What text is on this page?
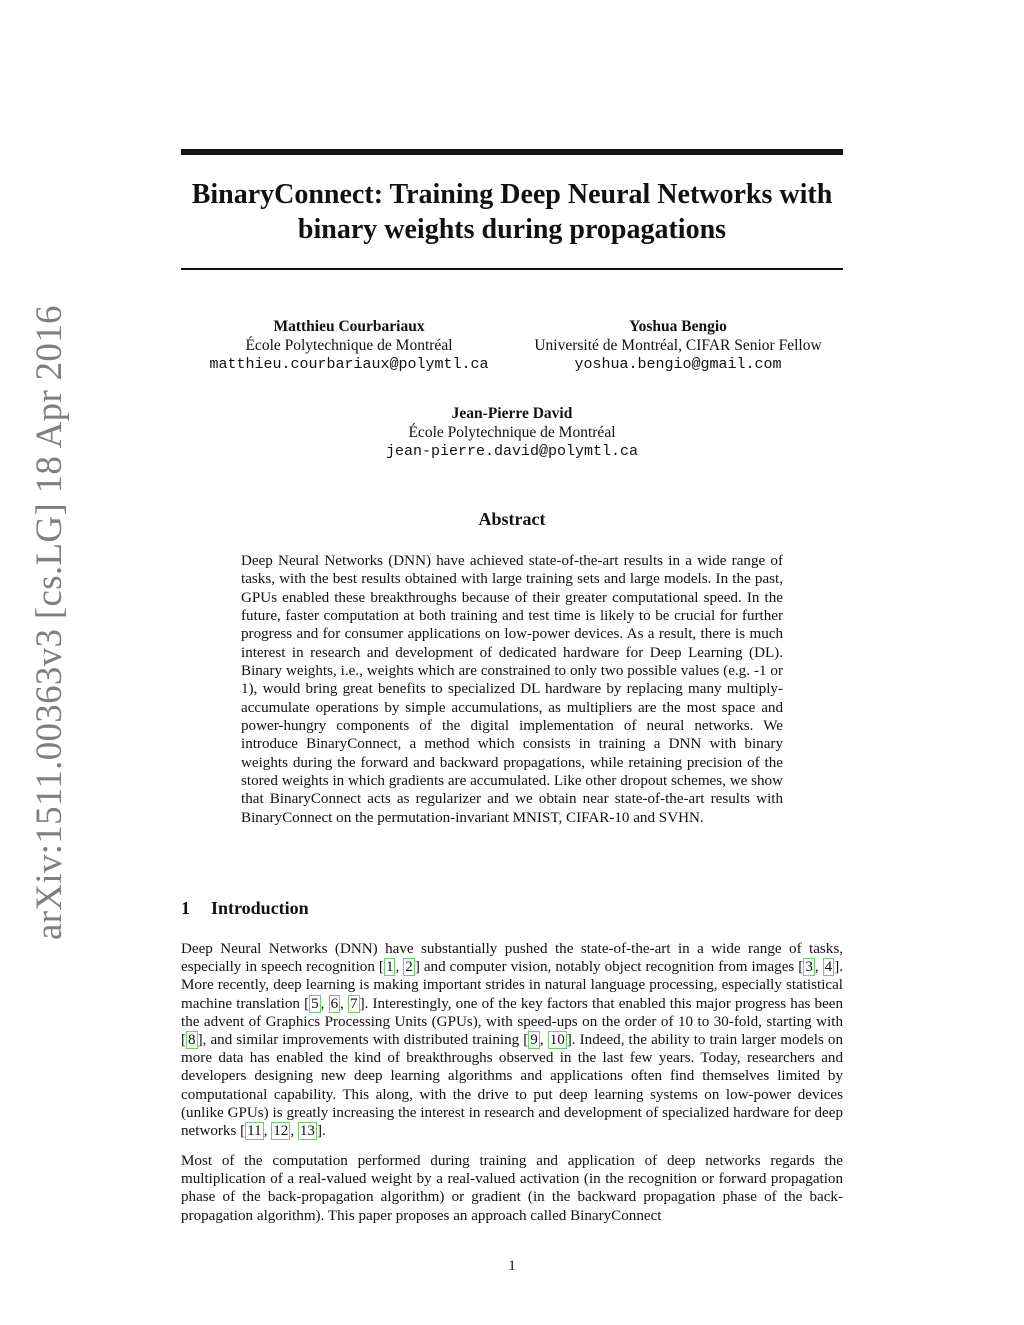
arXiv:1511.00363v3 [cs.LG] 18 Apr 2016
BinaryConnect: Training Deep Neural Networks with
binary weights during propagations
Matthieu Courbariaux
École Polytechnique de Montréal
matthieu.courbariaux@polymtl.ca
Yoshua Bengio
Université de Montréal, CIFAR Senior Fellow
yoshua.bengio@gmail.com
Jean-Pierre David
École Polytechnique de Montréal
jean-pierre.david@polymtl.ca
Abstract
Deep Neural Networks (DNN) have achieved state-of-the-art results in a wide range of tasks, with the best results obtained with large training sets and large models. In the past, GPUs enabled these breakthroughs because of their greater computational speed. In the future, faster computation at both training and test time is likely to be crucial for further progress and for consumer applications on low-power devices. As a result, there is much interest in research and development of dedicated hardware for Deep Learning (DL). Binary weights, i.e., weights which are constrained to only two possible values (e.g. -1 or 1), would bring great benefits to specialized DL hardware by replacing many multiply-accumulate operations by simple accumulations, as multipliers are the most space and power-hungry components of the digital implementation of neural networks. We introduce BinaryConnect, a method which consists in training a DNN with binary weights during the forward and backward propagations, while retaining precision of the stored weights in which gradients are accumulated. Like other dropout schemes, we show that BinaryConnect acts as regularizer and we obtain near state-of-the-art results with BinaryConnect on the permutation-invariant MNIST, CIFAR-10 and SVHN.
1 Introduction

Deep Neural Networks (DNN) have substantially pushed the state-of-the-art in a wide range of tasks, especially in speech recognition [ 1 , 2 ] and computer vision, notably object recognition from images [ 3 , 4 ]. More recently, deep learning is making important strides in natural language processing, especially statistical machine translation [ 5 , 6 , 7 ]. Interestingly, one of the key factors that enabled this major progress has been the advent of Graphics Processing Units (GPUs), with speed-ups on the order of 10 to 30-fold, starting with [ 8 ], and similar improvements with distributed training [ 9 , 10 ]. Indeed, the ability to train larger models on more data has enabled the kind of breakthroughs observed in the last few years. Today, researchers and developers designing new deep learning algorithms and applications often find themselves limited by computational capability. This along, with the drive to put deep learning systems on low-power devices (unlike GPUs) is greatly increasing the interest in research and development of specialized hardware for deep networks [ 11 , 12 , 13 ].

Most of the computation performed during training and application of deep networks regards the multiplication of a real-valued weight by a real-valued activation (in the recognition or forward propagation phase of the back-propagation algorithm) or gradient (in the backward propagation phase of the back-propagation algorithm). This paper proposes an approach called BinaryConnect

1
